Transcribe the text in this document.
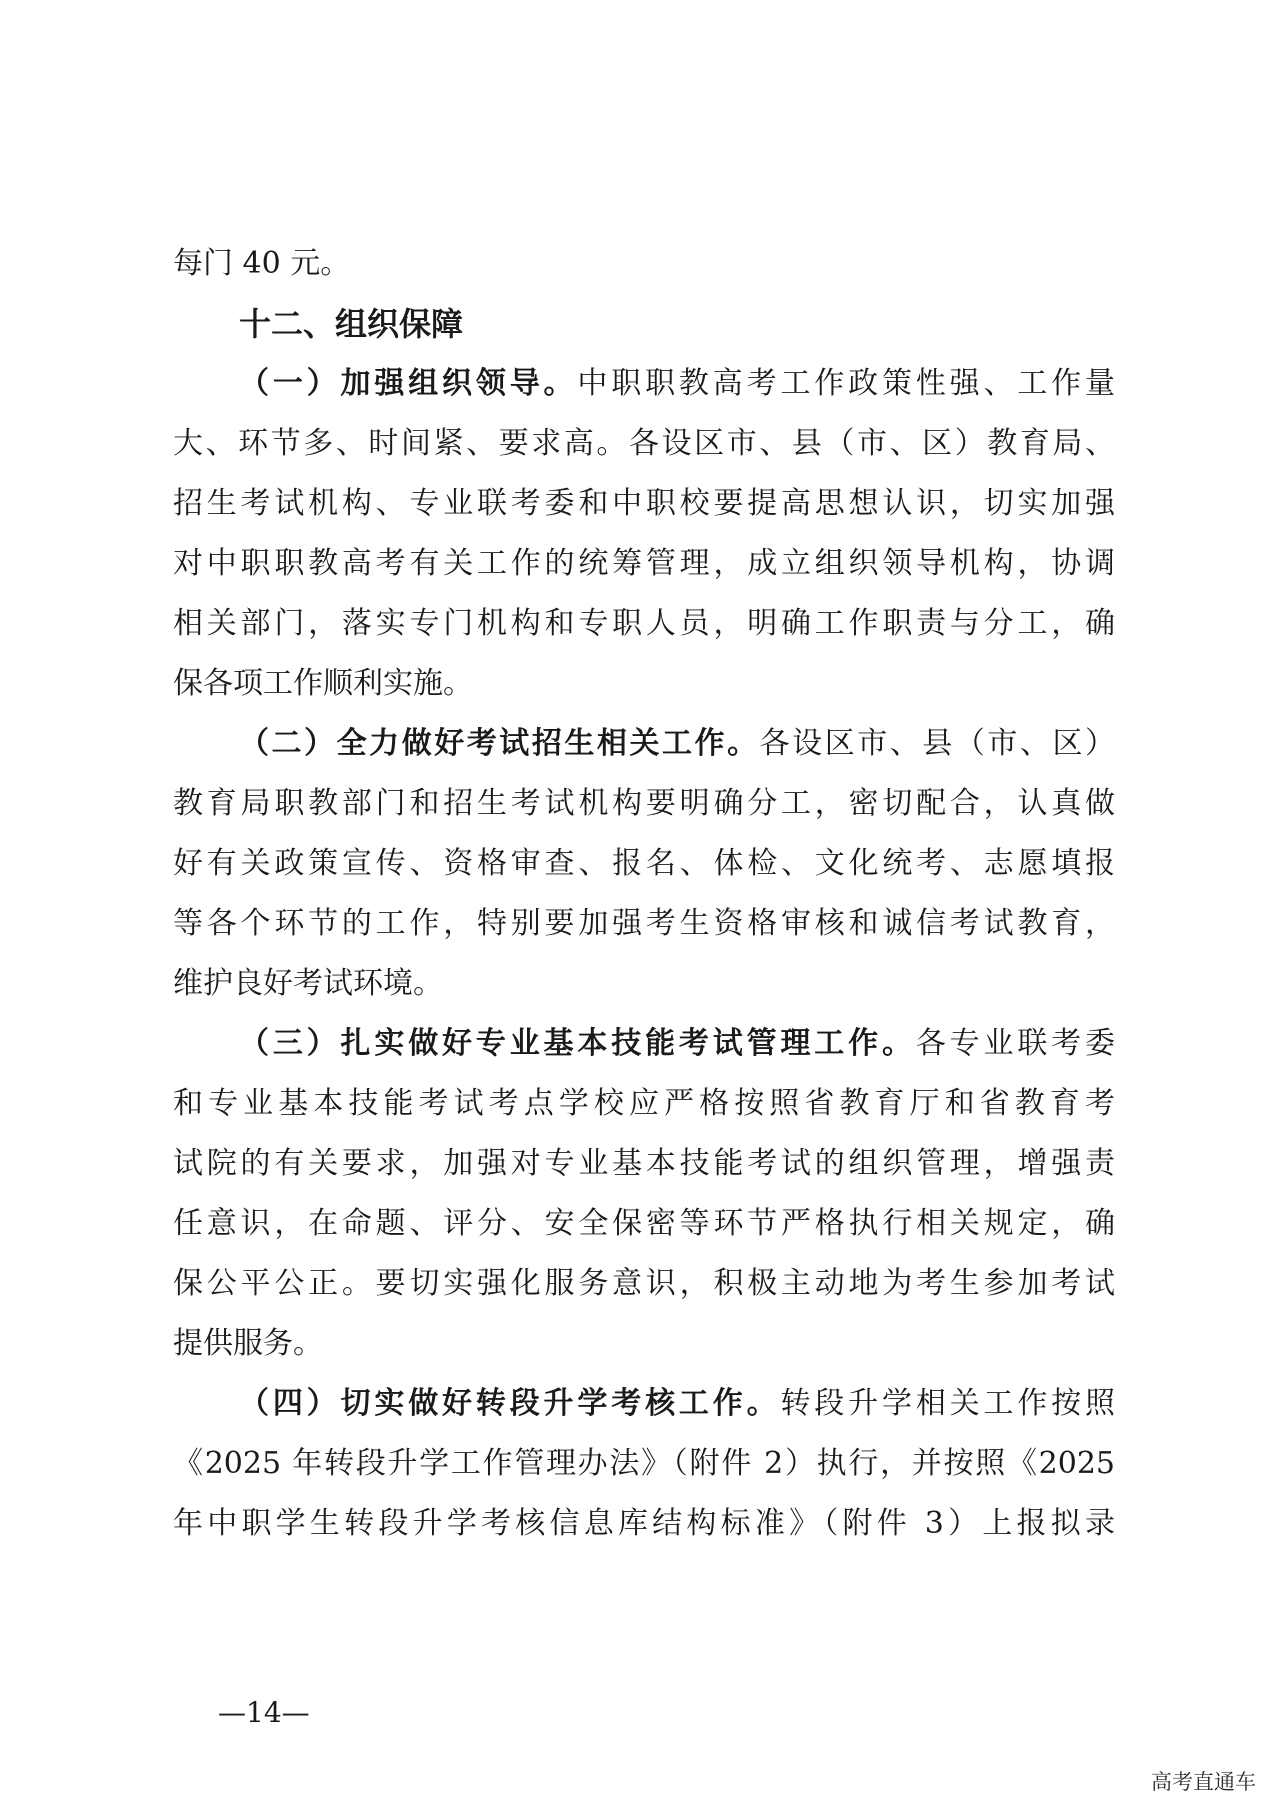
每门 40 元。
十二、组织保障
（一）加强组织领导。中职职教高考工作政策性强、工作量
大、环节多、时间紧、要求高。各设区市、县（市、区）教育局、
招生考试机构、专业联考委和中职校要提高思想认识，切实加强
对中职职教高考有关工作的统筹管理，成立组织领导机构，协调
相关部门，落实专门机构和专职人员，明确工作职责与分工，确
保各项工作顺利实施。
（二）全力做好考试招生相关工作。各设区市、县（市、区）
教育局职教部门和招生考试机构要明确分工，密切配合，认真做
好有关政策宣传、资格审查、报名、体检、文化统考、志愿填报
等各个环节的工作，特别要加强考生资格审核和诚信考试教育，
维护良好考试环境。
（三）扎实做好专业基本技能考试管理工作。各专业联考委
和专业基本技能考试考点学校应严格按照省教育厅和省教育考
试院的有关要求，加强对专业基本技能考试的组织管理，增强责
任意识，在命题、评分、安全保密等环节严格执行相关规定，确
保公平公正。要切实强化服务意识，积极主动地为考生参加考试
提供服务。
（四）切实做好转段升学考核工作。转段升学相关工作按照
《2025 年转段升学工作管理办法》（附件 2）执行，并按照《2025
年中职学生转段升学考核信息库结构标准》（附件 3）上报拟录
—14—
高考直通车
